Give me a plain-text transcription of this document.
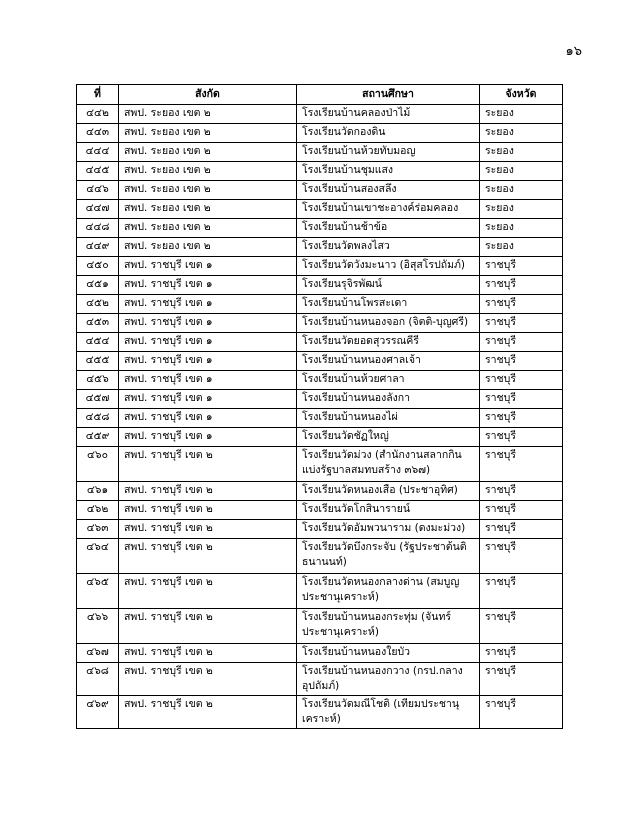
๑๖
ที่	สังกัด	สถานศึกษา	จังหวัด
๔๔๒	สพป. ระยอง เขต ๒	โรงเรียนบ้านคลองป่าไม้	ระยอง
๔๔๓	สพป. ระยอง เขต ๒	โรงเรียนวัดกองดิน	ระยอง
๔๔๔	สพป. ระยอง เขต ๒	โรงเรียนบ้านห้วยทับมอญ	ระยอง
๔๔๕	สพป. ระยอง เขต ๒	โรงเรียนบ้านชุมแสง	ระยอง
๔๔๖	สพป. ระยอง เขต ๒	โรงเรียนบ้านสองสลึง	ระยอง
๔๔๗	สพป. ระยอง เขต ๒	โรงเรียนบ้านเขาชะอางค์ร่อมคลอง	ระยอง
๔๔๘	สพป. ระยอง เขต ๒	โรงเรียนบ้านช้าข้อ	ระยอง
๔๔๙	สพป. ระยอง เขต ๒	โรงเรียนวัดพลงไสว	ระยอง
๔๕๐	สพป. ราชบุรี เขต ๑	โรงเรียนวัดวังมะนาว (อิสุสโรปถัมภ์)	ราชบุรี
๔๕๑	สพป. ราชบุรี เขต ๑	โรงเรียนรุจิรพัฒน์	ราชบุรี
๔๕๒	สพป. ราชบุรี เขต ๑	โรงเรียนบ้านโพรสะเดา	ราชบุรี
๔๕๓	สพป. ราชบุรี เขต ๑	โรงเรียนบ้านหนองจอก (จิตติ-บุญศรี)	ราชบุรี
๔๕๔	สพป. ราชบุรี เขต ๑	โรงเรียนวัดยอดสุวรรณคีรี	ราชบุรี
๔๕๕	สพป. ราชบุรี เขต ๑	โรงเรียนบ้านหนองศาลเจ้า	ราชบุรี
๔๕๖	สพป. ราชบุรี เขต ๑	โรงเรียนบ้านห้วยศาลา	ราชบุรี
๔๕๗	สพป. ราชบุรี เขต ๑	โรงเรียนบ้านหนองลังกา	ราชบุรี
๔๕๘	สพป. ราชบุรี เขต ๑	โรงเรียนบ้านหนองไผ่	ราชบุรี
๔๕๙	สพป. ราชบุรี เขต ๑	โรงเรียนวัดชัฏใหญ่	ราชบุรี
๔๖๐	สพป. ราชบุรี เขต ๒	โรงเรียนวัดม่วง (สำนักงานสลากกินแบ่งรัฐบาลสมทบสร้าง ๓๖๗)	ราชบุรี
๔๖๑	สพป. ราชบุรี เขต ๒	โรงเรียนวัดหนองเสือ (ประชาอุทิศ)	ราชบุรี
๔๖๒	สพป. ราชบุรี เขต ๒	โรงเรียนวัดโกสินารายน์	ราชบุรี
๔๖๓	สพป. ราชบุรี เขต ๒	โรงเรียนวัดอัมพวนาราม (ดงมะม่วง)	ราชบุรี
๔๖๔	สพป. ราชบุรี เขต ๒	โรงเรียนวัดบึงกระจับ (รัฐประชาต้นติธนานนท์)	ราชบุรี
๔๖๕	สพป. ราชบุรี เขต ๒	โรงเรียนวัดหนองกลางด่าน (สมบูญประชานุเคราะห์)	ราชบุรี
๔๖๖	สพป. ราชบุรี เขต ๒	โรงเรียนบ้านหนองกระทุ่ม (จันทร์ประชานุเคราะห์)	ราชบุรี
๔๖๗	สพป. ราชบุรี เขต ๒	โรงเรียนบ้านหนองใยบัว	ราชบุรี
๔๖๘	สพป. ราชบุรี เขต ๒	โรงเรียนบ้านหนองกวาง (กรป.กลางอุปถัมภ์)	ราชบุรี
๔๖๙	สพป. ราชบุรี เขต ๒	โรงเรียนวัดมณีโชติ (เทียมประชานุเคราะห์)	ราชบุรี
